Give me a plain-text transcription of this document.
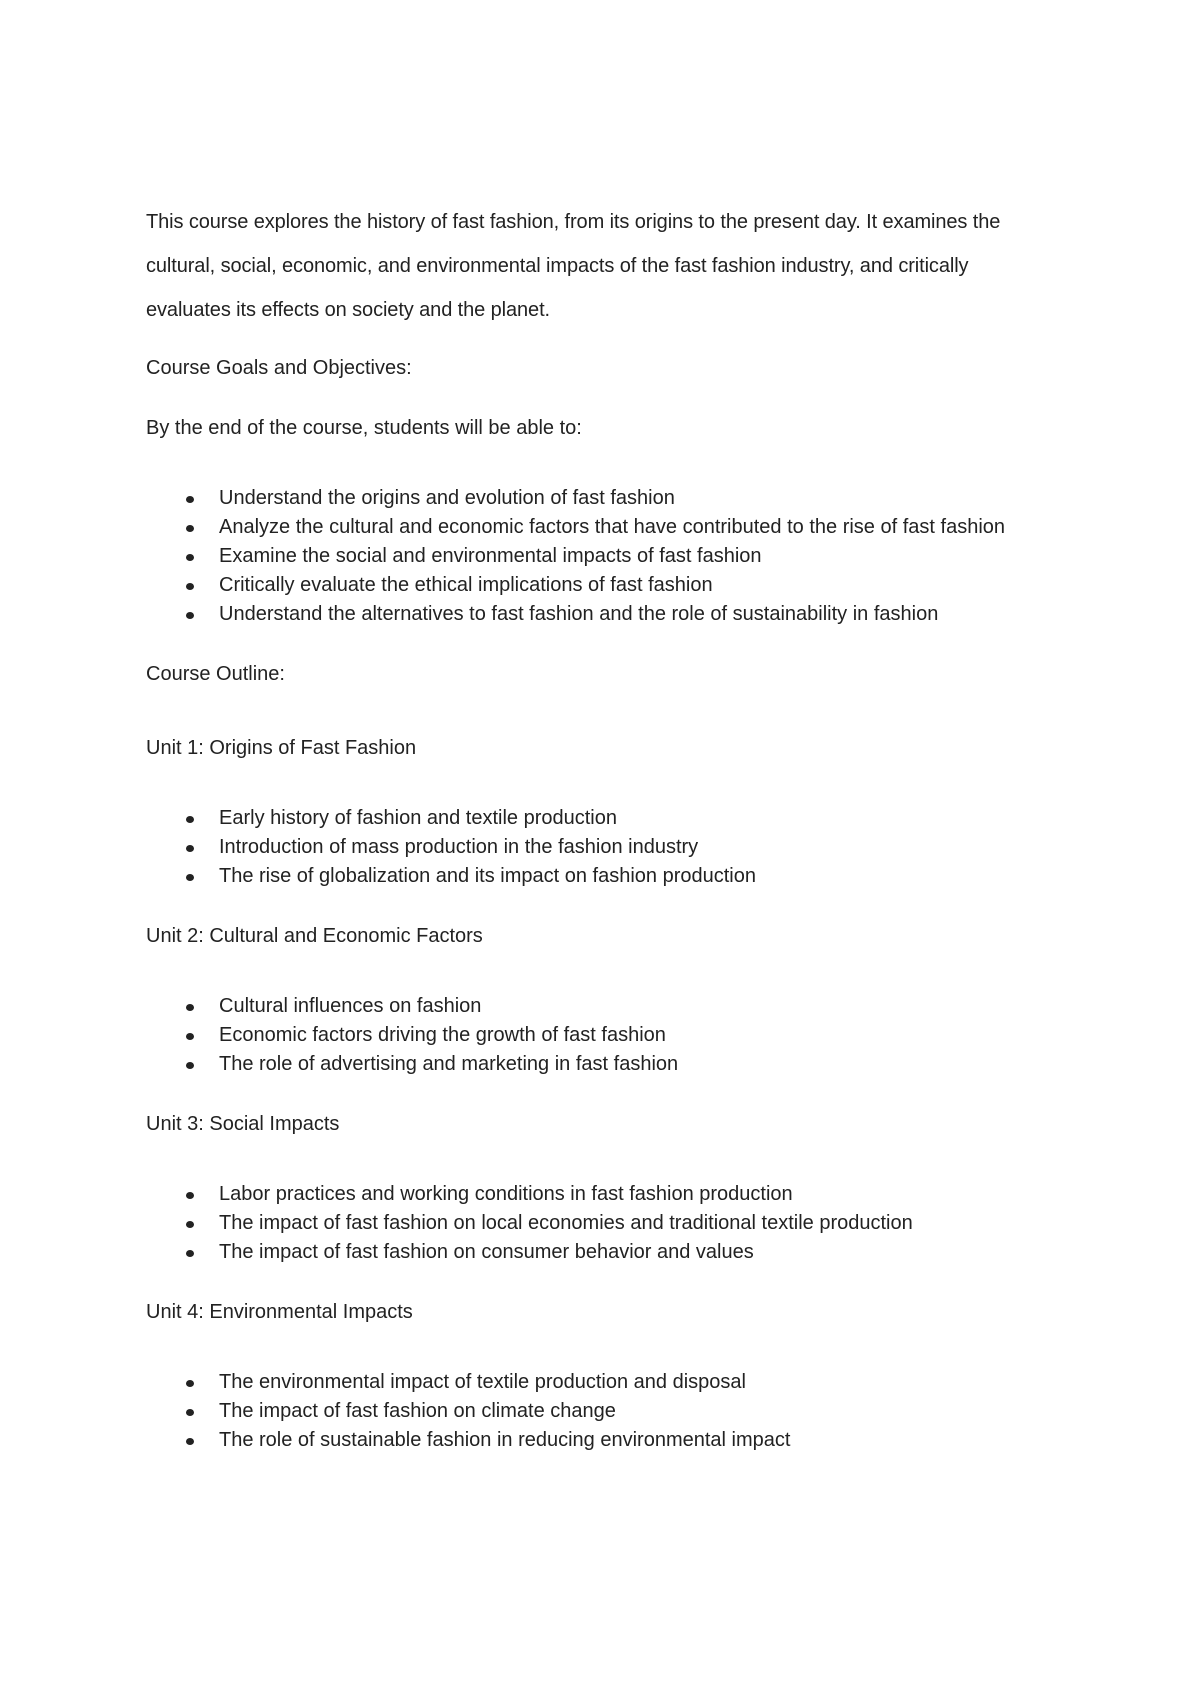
This course explores the history of fast fashion, from its origins to the present day. It examines the cultural, social, economic, and environmental impacts of the fast fashion industry, and critically evaluates its effects on society and the planet.

Course Goals and Objectives:

By the end of the course, students will be able to:

Understand the origins and evolution of fast fashion
Analyze the cultural and economic factors that have contributed to the rise of fast fashion
Examine the social and environmental impacts of fast fashion
Critically evaluate the ethical implications of fast fashion
Understand the alternatives to fast fashion and the role of sustainability in fashion

Course Outline:

Unit 1: Origins of Fast Fashion

Early history of fashion and textile production
Introduction of mass production in the fashion industry
The rise of globalization and its impact on fashion production

Unit 2: Cultural and Economic Factors

Cultural influences on fashion
Economic factors driving the growth of fast fashion
The role of advertising and marketing in fast fashion

Unit 3: Social Impacts

Labor practices and working conditions in fast fashion production
The impact of fast fashion on local economies and traditional textile production
The impact of fast fashion on consumer behavior and values

Unit 4: Environmental Impacts

The environmental impact of textile production and disposal
The impact of fast fashion on climate change
The role of sustainable fashion in reducing environmental impact
